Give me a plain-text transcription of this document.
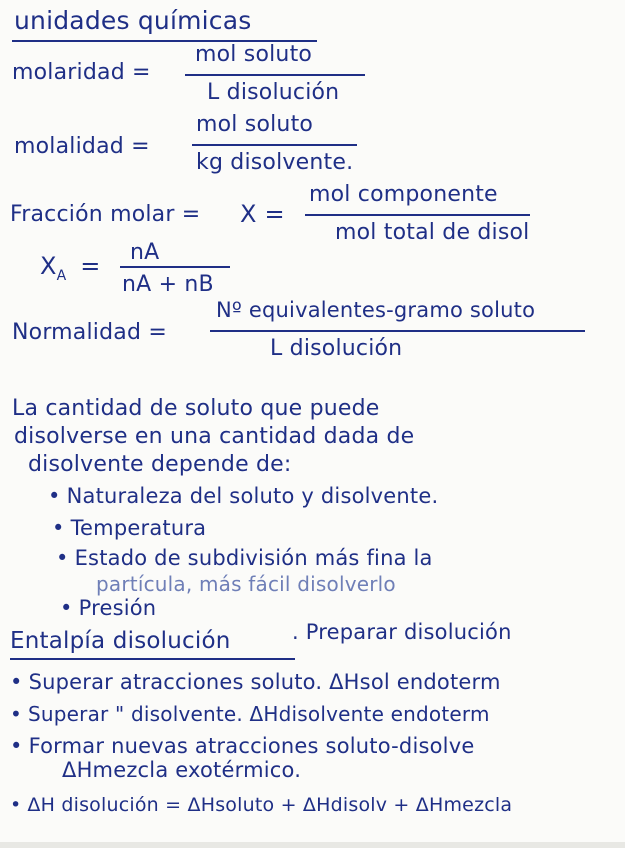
unidades químicas
molaridad =
mol soluto
L disolución
molalidad =
mol soluto
kg disolvente.
Fracción molar = X =
mol componente
mol total de disol
$X_A$ = nA
nA + nB
Normalidad =
Nº equivalentes-gramo soluto
L disolución
La cantidad de soluto que puede
disolverse en una cantidad dada de
disolvente depende de:
• Naturaleza del soluto y disolvente.
• Temperatura
• Estado de subdivisión más fina la
partícula, más fácil disolverlo
• Presión
Entalpía disolución	. Preparar disolución
• Superar atracciones soluto. ΔHsol endoterm
• Superar " disolvente. ΔHdisolvente endoterm
• Formar nuevas atracciones soluto-disolve
ΔHmezcla exotérmico.
• ΔH disolución = ΔHsoluto + ΔHdisolv + ΔHmezcla
